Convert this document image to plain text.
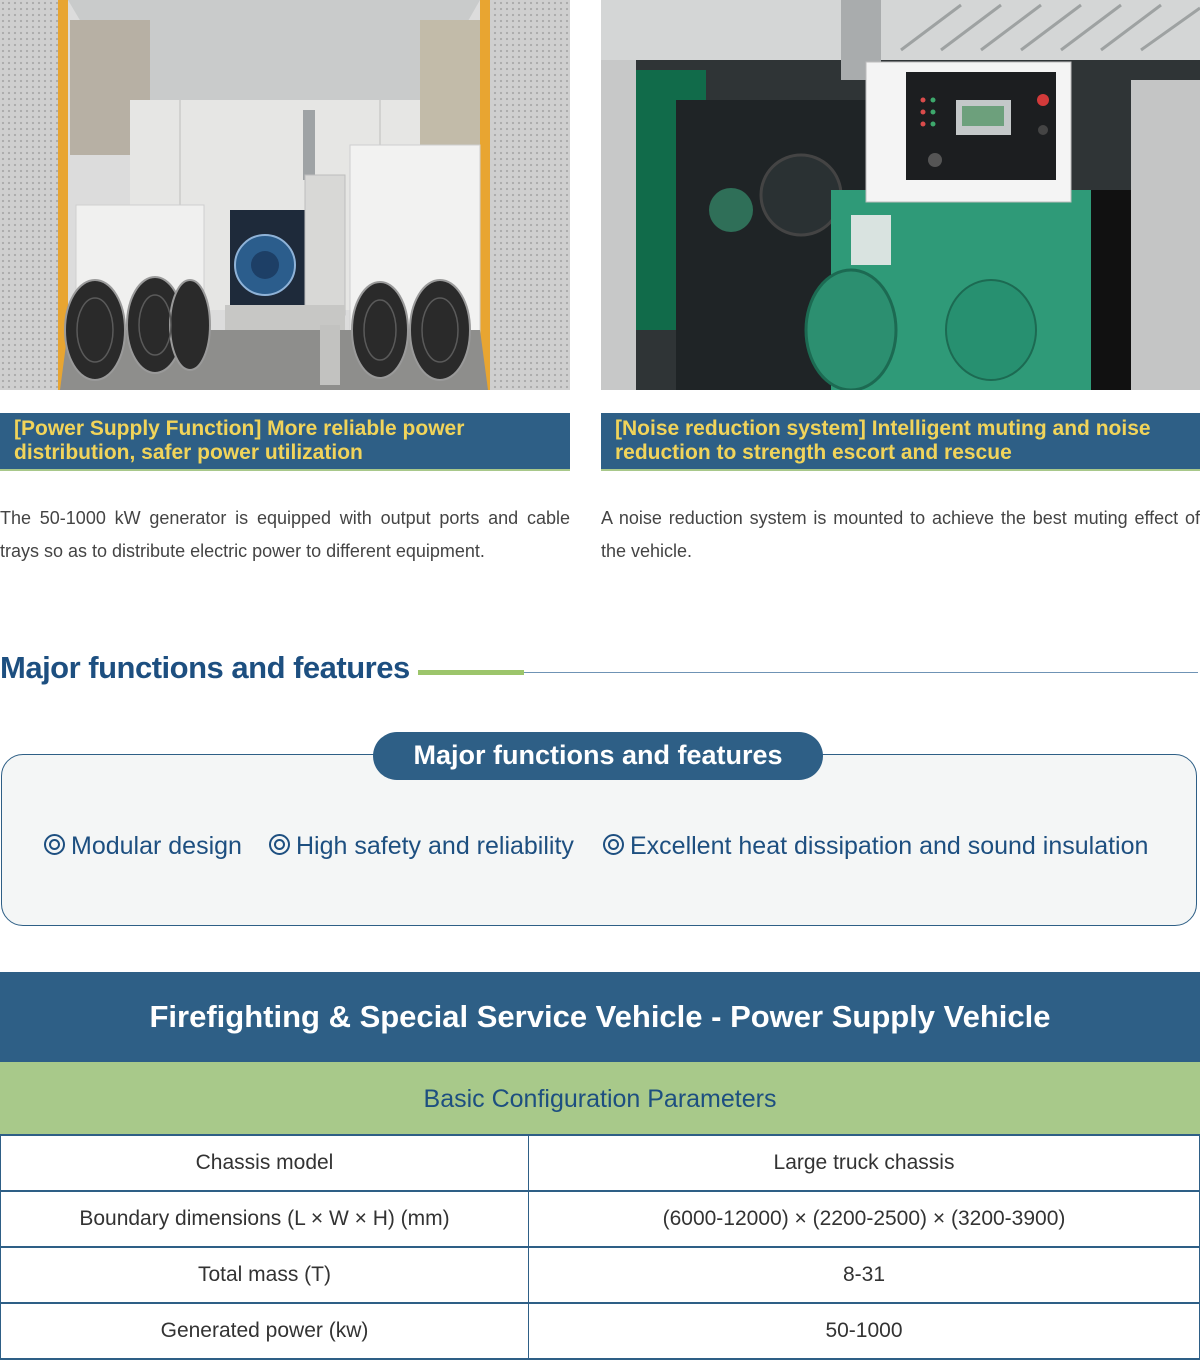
[Power Supply Function] More reliable power distribution, safer power utilization
[Noise reduction system] Intelligent muting and noise reduction to strength escort and rescue
The 50-1000 kW generator is equipped with output ports and cable trays so as to distribute electric power to different equipment.
A noise reduction system is mounted to achieve the best muting effect of the vehicle.
Major functions and features
Major functions and features
Modular design	High safety and reliability	Excellent heat dissipation and sound insulation
Firefighting & Special Service Vehicle - Power Supply Vehicle
Basic Configuration Parameters
Chassis model	Large truck chassis
Boundary dimensions (L × W × H) (mm)	(6000-12000) × (2200-2500) × (3200-3900)
Total mass (T)	8-31
Generated power (kw)	50-1000
